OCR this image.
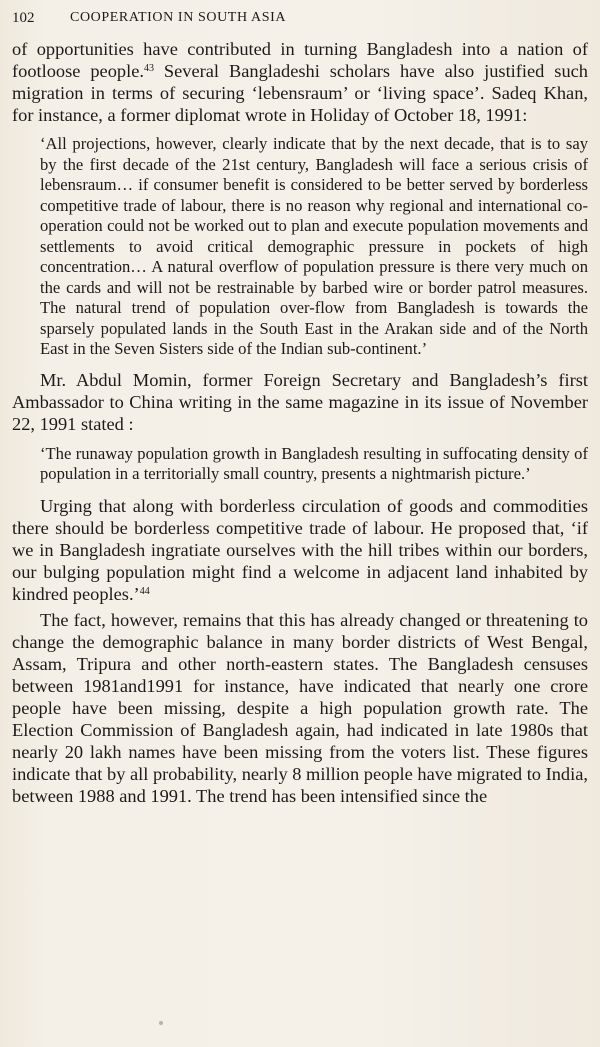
102	COOPERATION IN SOUTH ASIA

of opportunities have contributed in turning Bangladesh into a nation of footloose people.$^{43}$ Several Bangladeshi scholars have also justified such migration in terms of securing ‘lebensraum’ or ‘living space’. Sadeq Khan, for instance, a former diplomat wrote in Holiday of October 18, 1991:

‘All projections, however, clearly indicate that by the next decade, that is to say by the first decade of the 21st century, Bangladesh will face a serious crisis of lebensraum… if consumer benefit is considered to be better served by borderless competitive trade of labour, there is no reason why regional and international co-operation could not be worked out to plan and execute population movements and settlements to avoid critical demographic pressure in pockets of high concentration… A natural overflow of population pressure is there very much on the cards and will not be restrainable by barbed wire or border patrol measures. The natural trend of population over-flow from Bangladesh is towards the sparsely populated lands in the South East in the Arakan side and of the North East in the Seven Sisters side of the Indian sub-continent.’

Mr. Abdul Momin, former Foreign Secretary and Bangladesh’s first Ambassador to China writing in the same magazine in its issue of November 22, 1991 stated :

‘The runaway population growth in Bangladesh resulting in suffocating density of population in a territorially small country, presents a nightmarish picture.’

Urging that along with borderless circulation of goods and commodities there should be borderless competitive trade of labour. He proposed that, ‘if we in Bangladesh ingratiate ourselves with the hill tribes within our borders, our bulging population might find a welcome in adjacent land inhabited by kindred peoples.’$^{44}$

The fact, however, remains that this has already changed or threatening to change the demographic balance in many border districts of West Bengal, Assam, Tripura and other north-eastern states. The Bangladesh censuses between 1981and1991 for instance, have indicated that nearly one crore people have been missing, despite a high population growth rate. The Election Commission of Bangladesh again, had indicated in late 1980s that nearly 20 lakh names have been missing from the voters list. These figures indicate that by all probability, nearly 8 million people have migrated to India, between 1988 and 1991. The trend has been intensified since the
